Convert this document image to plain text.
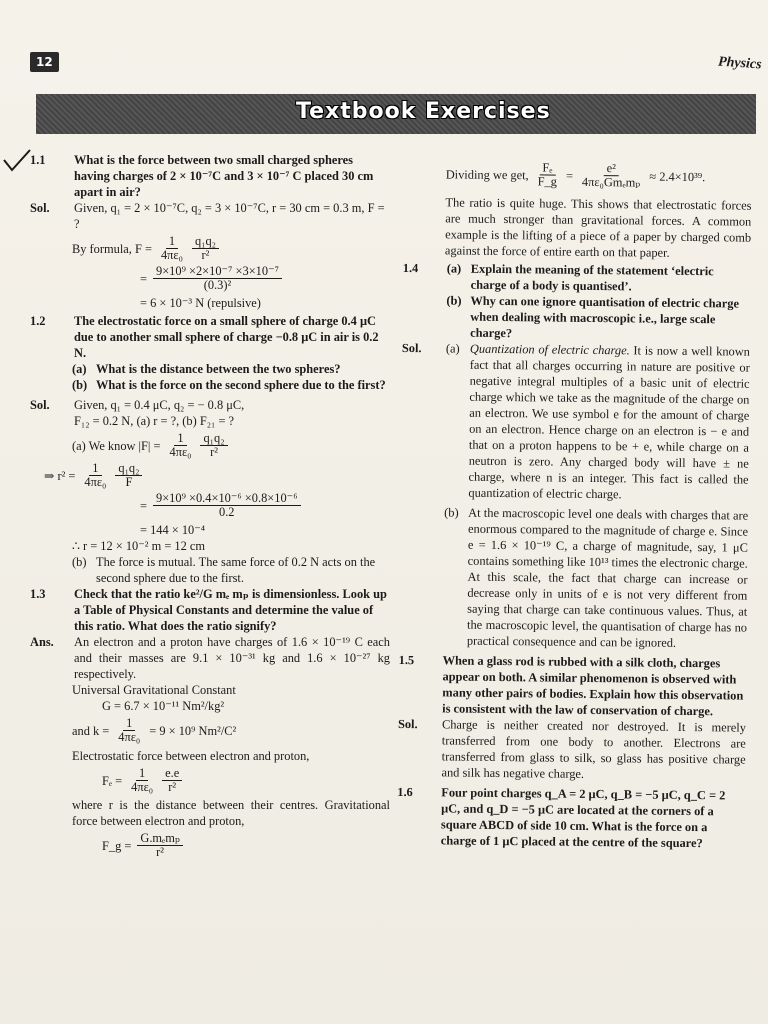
12	Physics
Textbook Exercises
1.1	What is the force between two small charged spheres having charges of 2 × 10⁻⁷C and 3 × 10⁻⁷ C placed 30 cm apart in air?
Sol.	Given, q₁ = 2 × 10⁻⁷C, q₂ = 3 × 10⁻⁷C, r = 30 cm = 0.3 m, F = ?
By formula, $F = \frac{1}{\text{4πε₀}} \frac{\text{q₁q₂}}{\text{r²}}$
= $\frac{\text{9×10⁹ ×2×10⁻⁷ ×3×10⁻⁷}}{\text{(0.3)²}}$
= 6 × 10⁻³ N (repulsive)
1.2	The electrostatic force on a small sphere of charge 0.4 μC due to another small sphere of charge −0.8 μC in air is 0.2 N.
(a) What is the distance between the two spheres?
(b) What is the force on the second sphere due to the first?
Sol.	Given, q₁ = 0.4 μC, q₂ = − 0.8 μC,
F₁₂ = 0.2 N, (a) r = ?, (b) F₂₁ = ?
(a) We know $|F| = \frac{1}{\text{4πε₀}} \frac{\text{q₁q₂}}{\text{r²}}$
⇒ $r^2 = \frac{1}{\text{4πε₀}} \frac{\text{q₁q₂}}{F}$
= $\frac{\text{9×10⁹ ×0.4×10⁻⁶ ×0.8×10⁻⁶}}{0.2}$
= 144 × 10⁻⁴
∴ r = 12 × 10⁻² m = 12 cm
(b) The force is mutual. The same force of 0.2 N acts on the second sphere due to the first.
1.3	Check that the ratio ke²/G mₑ mₚ is dimensionless. Look up a Table of Physical Constants and determine the value of this ratio. What does the ratio signify?
Ans.	An electron and a proton have charges of 1.6 × 10⁻¹⁹ C each and their masses are 9.1 × 10⁻³¹ kg and 1.6 × 10⁻²⁷ kg respectively.
Universal Gravitational Constant
G = 6.7 × 10⁻¹¹ Nm²/kg²
and $k = \frac{1}{\text{4πε₀}} = 9 \times 10^9$ Nm²/C²
Electrostatic force between electron and proton,
$F_e = \frac{1}{\text{4πε₀}} \frac{e.e}{\text{r²}}$
where r is the distance between their centres. Gravitational force between electron and proton,
F_g = $\frac{\text{G.mₑmₚ}}{\text{r²}}$
Dividing we get, $\frac{\text{Fₑ}}{F\_g} = \frac{\text{e²}}{\text{4πε₀Gmₑmₚ}} \approx 2.4\times 10^{39}$.
The ratio is quite huge. This shows that electrostatic forces are much stronger than gravitational forces. A common example is the lifting of a piece of a paper by charged comb against the force of entire earth on that paper.
1.4	(a) Explain the meaning of the statement ‘electric charge of a body is quantised’.
(b) Why can one ignore quantisation of electric charge when dealing with macroscopic i.e., large scale charge?
Sol.	(a) Quantization of electric charge. It is now a well known fact that all charges occurring in nature are positive or negative integral multiples of a basic unit of electric charge which we take as the magnitude of the charge on an electron. We use symbol e for the amount of charge on an electron. Hence charge on an electron is − e and that on a proton happens to be + e, while charge on a neutron is zero. Any charged body will have ± ne charge, where n is an integer. This fact is called the quantization of electric charge.
(b) At the macroscopic level one deals with charges that are enormous compared to the magnitude of charge e. Since e = 1.6 × 10⁻¹⁹ C, a charge of magnitude, say, 1 μC contains something like 10¹³ times the electronic charge. At this scale, the fact that charge can increase or decrease only in units of e is not very different from saying that charge can take continuous values. Thus, at the macroscopic level, the quantisation of charge has no practical consequence and can be ignored.
1.5	When a glass rod is rubbed with a silk cloth, charges appear on both. A similar phenomenon is observed with many other pairs of bodies. Explain how this observation is consistent with the law of conservation of charge.
Sol.	Charge is neither created nor destroyed. It is merely transferred from one body to another. Electrons are transferred from glass to silk, so glass has positive charge and silk has negative charge.
1.6	Four point charges q_A = 2 μC, q_B = −5 μC, q_C = 2 μC, and q_D = −5 μC are located at the corners of a square ABCD of side 10 cm. What is the force on a charge of 1 μC placed at the centre of the square?
